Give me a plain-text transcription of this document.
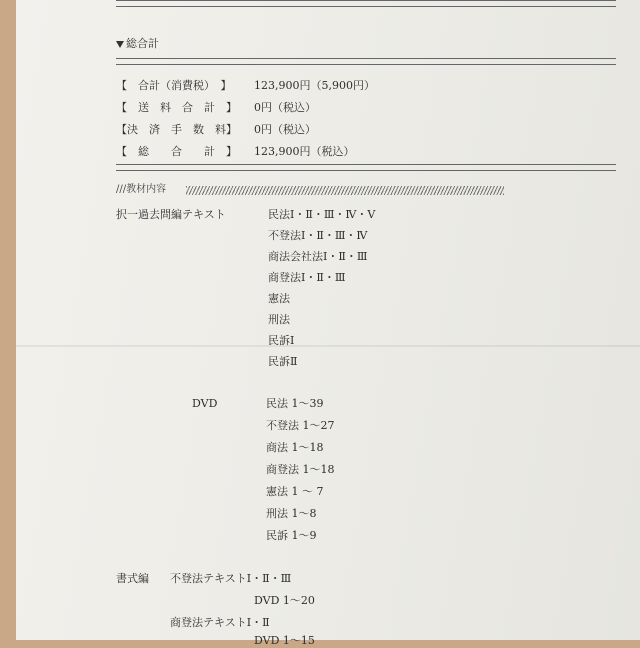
総合計
【　合計（消費税）　】 123,900円（5,900円）
【　送　料　合　計　】 0円（税込）
【決　済　手　数　料】 0円（税込）
【　総　　合　　計　】 123,900円（税込）
///教材内容
択一過去問編テキスト	民法Ⅰ・Ⅱ・Ⅲ・Ⅳ・Ⅴ
不登法Ⅰ・Ⅱ・Ⅲ・Ⅳ
商法会社法Ⅰ・Ⅱ・Ⅲ
商登法Ⅰ・Ⅱ・Ⅲ
憲法
刑法
民訴Ⅰ
民訴Ⅱ
DVD	民法 1～39
不登法 1～27
商法 1～18
商登法 1～18
憲法 1 ～ 7
刑法 1～8
民訴 1～9
書式編 不登法テキストⅠ・Ⅱ・Ⅲ
DVD 1～20
商登法テキストⅠ・Ⅱ
DVD 1～15
